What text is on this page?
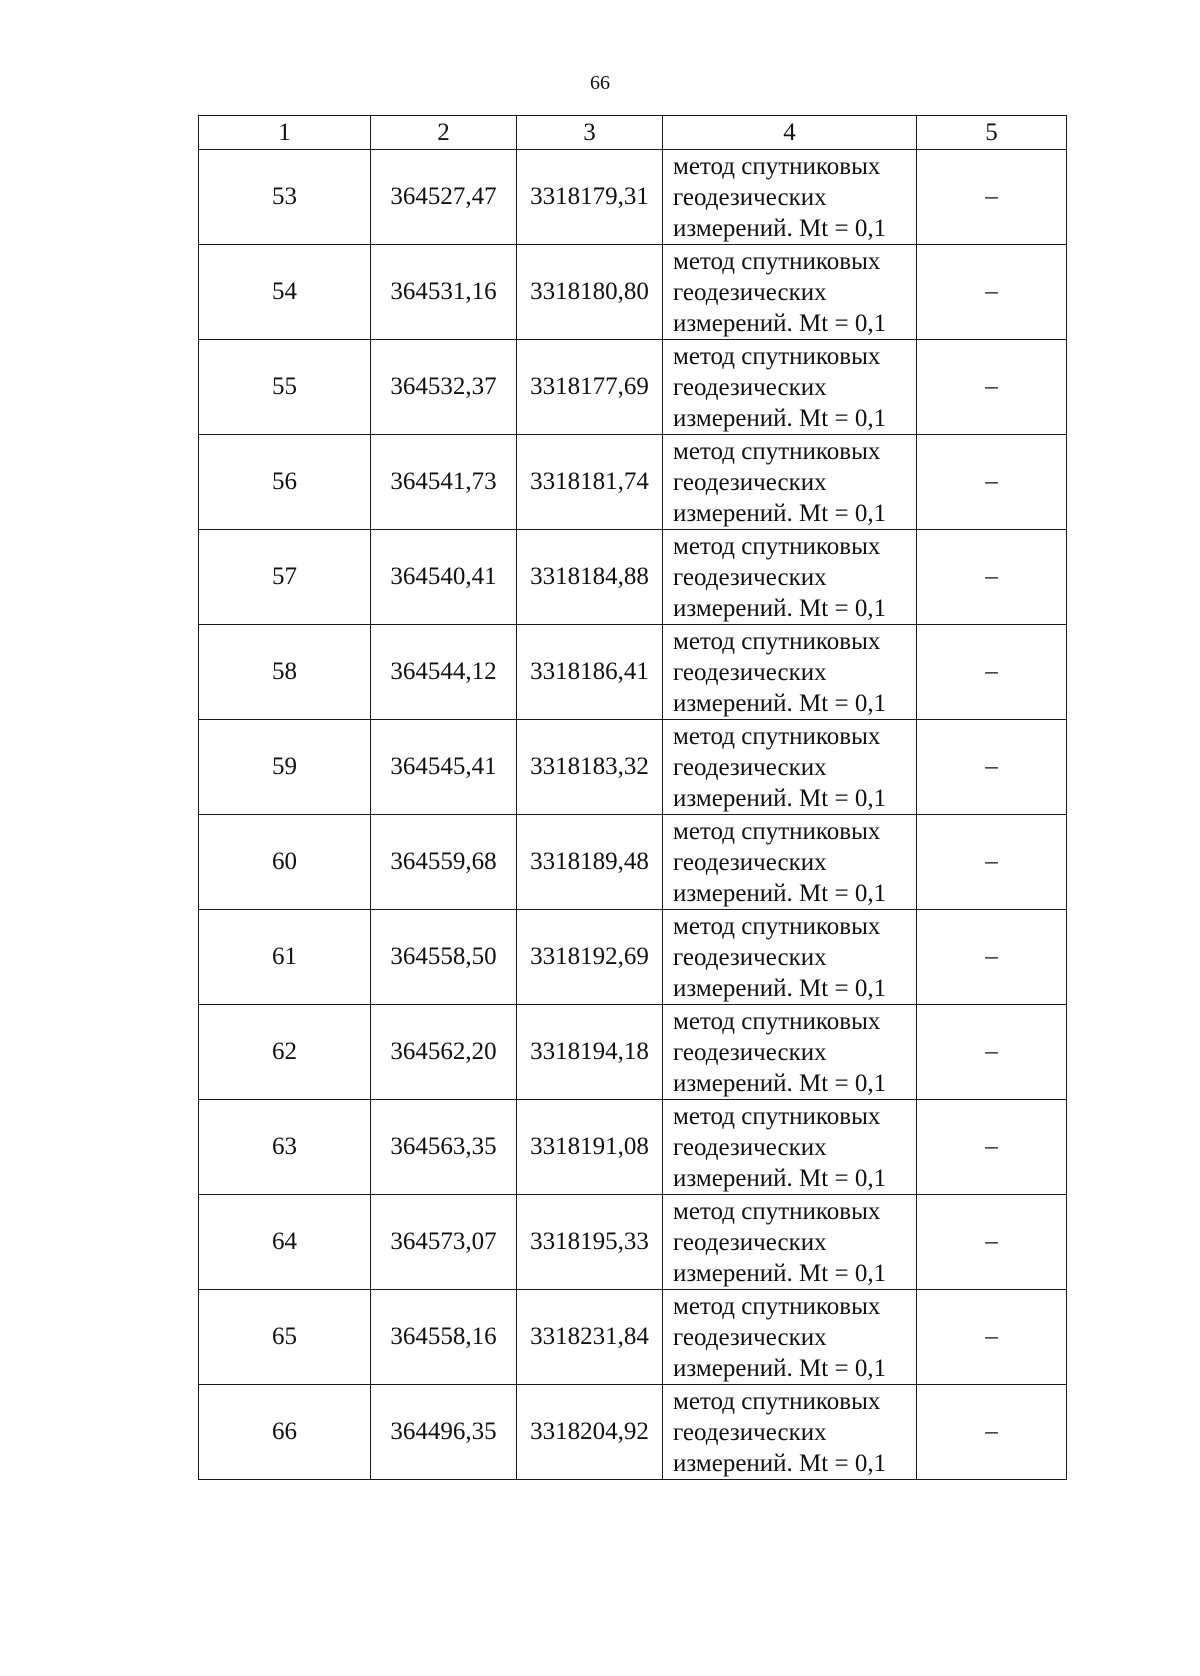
66
1	2	3	4	5
53	364527,47	3318179,31	метод спутниковых
геодезических
измерений. Mt = 0,1	–
54	364531,16	3318180,80	метод спутниковых
геодезических
измерений. Mt = 0,1	–
55	364532,37	3318177,69	метод спутниковых
геодезических
измерений. Mt = 0,1	–
56	364541,73	3318181,74	метод спутниковых
геодезических
измерений. Mt = 0,1	–
57	364540,41	3318184,88	метод спутниковых
геодезических
измерений. Mt = 0,1	–
58	364544,12	3318186,41	метод спутниковых
геодезических
измерений. Mt = 0,1	–
59	364545,41	3318183,32	метод спутниковых
геодезических
измерений. Mt = 0,1	–
60	364559,68	3318189,48	метод спутниковых
геодезических
измерений. Mt = 0,1	–
61	364558,50	3318192,69	метод спутниковых
геодезических
измерений. Mt = 0,1	–
62	364562,20	3318194,18	метод спутниковых
геодезических
измерений. Mt = 0,1	–
63	364563,35	3318191,08	метод спутниковых
геодезических
измерений. Mt = 0,1	–
64	364573,07	3318195,33	метод спутниковых
геодезических
измерений. Mt = 0,1	–
65	364558,16	3318231,84	метод спутниковых
геодезических
измерений. Mt = 0,1	–
66	364496,35	3318204,92	метод спутниковых
геодезических
измерений. Mt = 0,1	–
